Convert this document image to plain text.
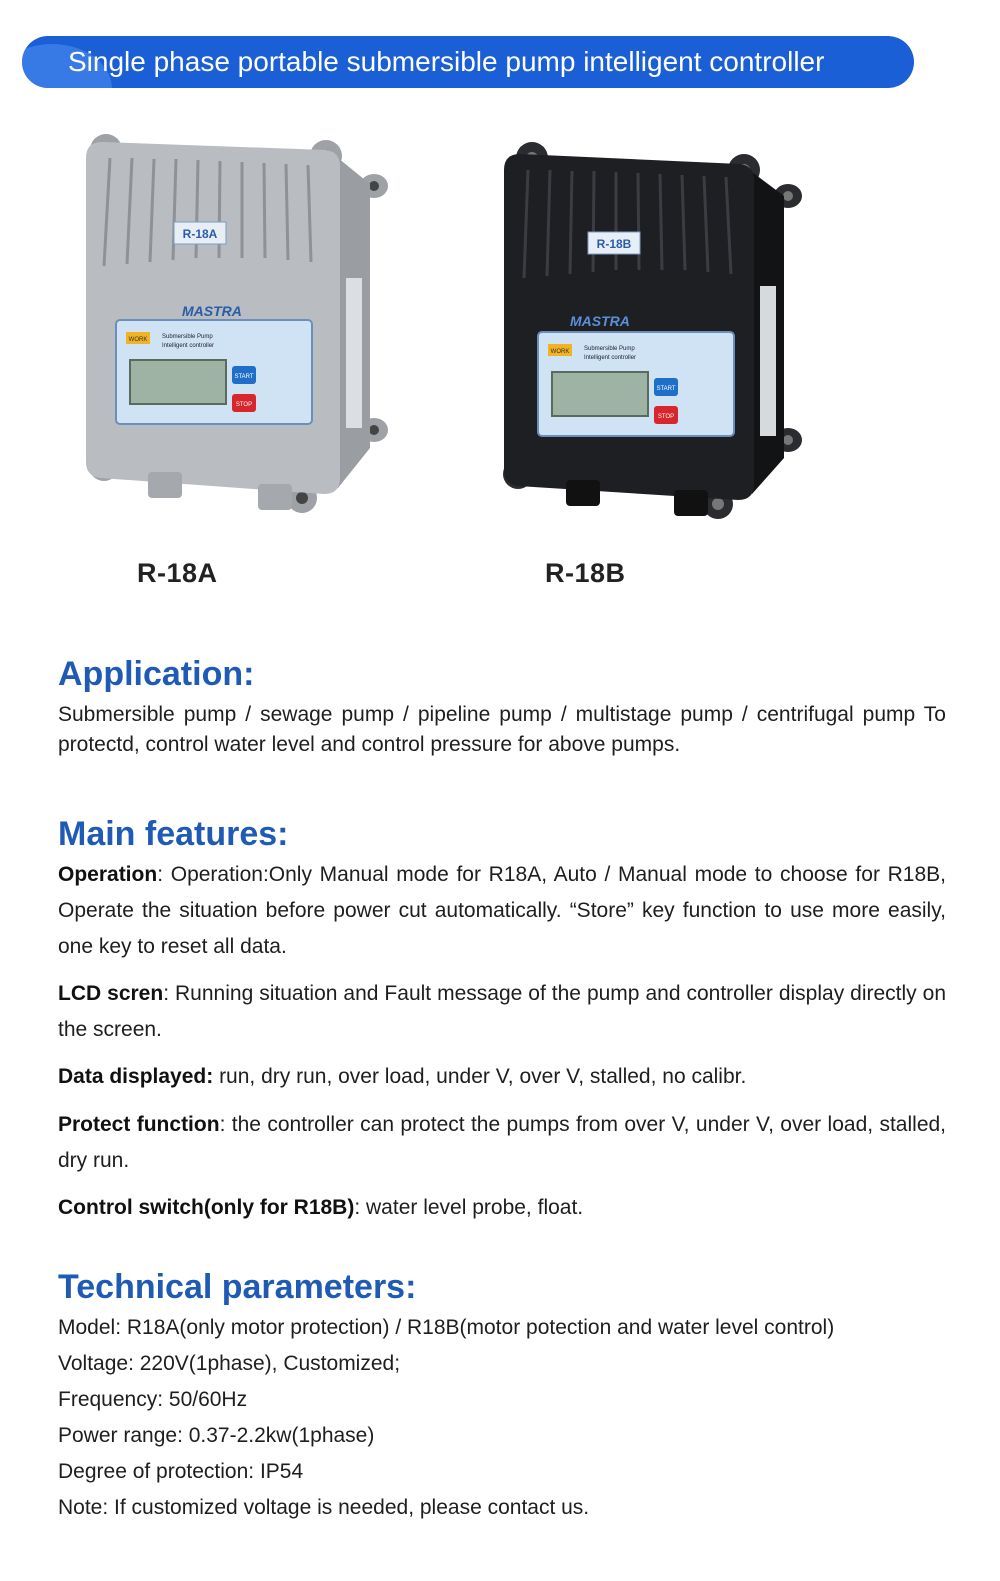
Single phase portable submersible pump intelligent controller
R-18A
MASTRA
WORK Submersible Pump
Intelligent controller
START
STOP
R-18A
R-18B
MASTRA
WORK Submersible Pump
Intelligent controller
START
STOP
R-18B
Application:
Submersible pump / sewage pump / pipeline pump / multistage pump / centrifugal pump To protectd, control water level and control pressure for above pumps.
Main features:
Operation: Operation:Only Manual mode for R18A, Auto / Manual mode to choose for R18B, Operate the situation before power cut automatically. “Store” key function to use more easily, one key to reset all data.
LCD scren: Running situation and Fault message of the pump and controller display directly on the screen.
Data displayed: run, dry run, over load, under V, over V, stalled, no calibr.
Protect function: the controller can protect the pumps from over V, under V, over load, stalled, dry run.
Control switch(only for R18B): water level probe, float.
Technical parameters:
Model: R18A(only motor protection) / R18B(motor potection and water level control)
Voltage: 220V(1phase), Customized;
Frequency: 50/60Hz
Power range: 0.37-2.2kw(1phase)
Degree of protection: IP54
Note: If customized voltage is needed, please contact us.
